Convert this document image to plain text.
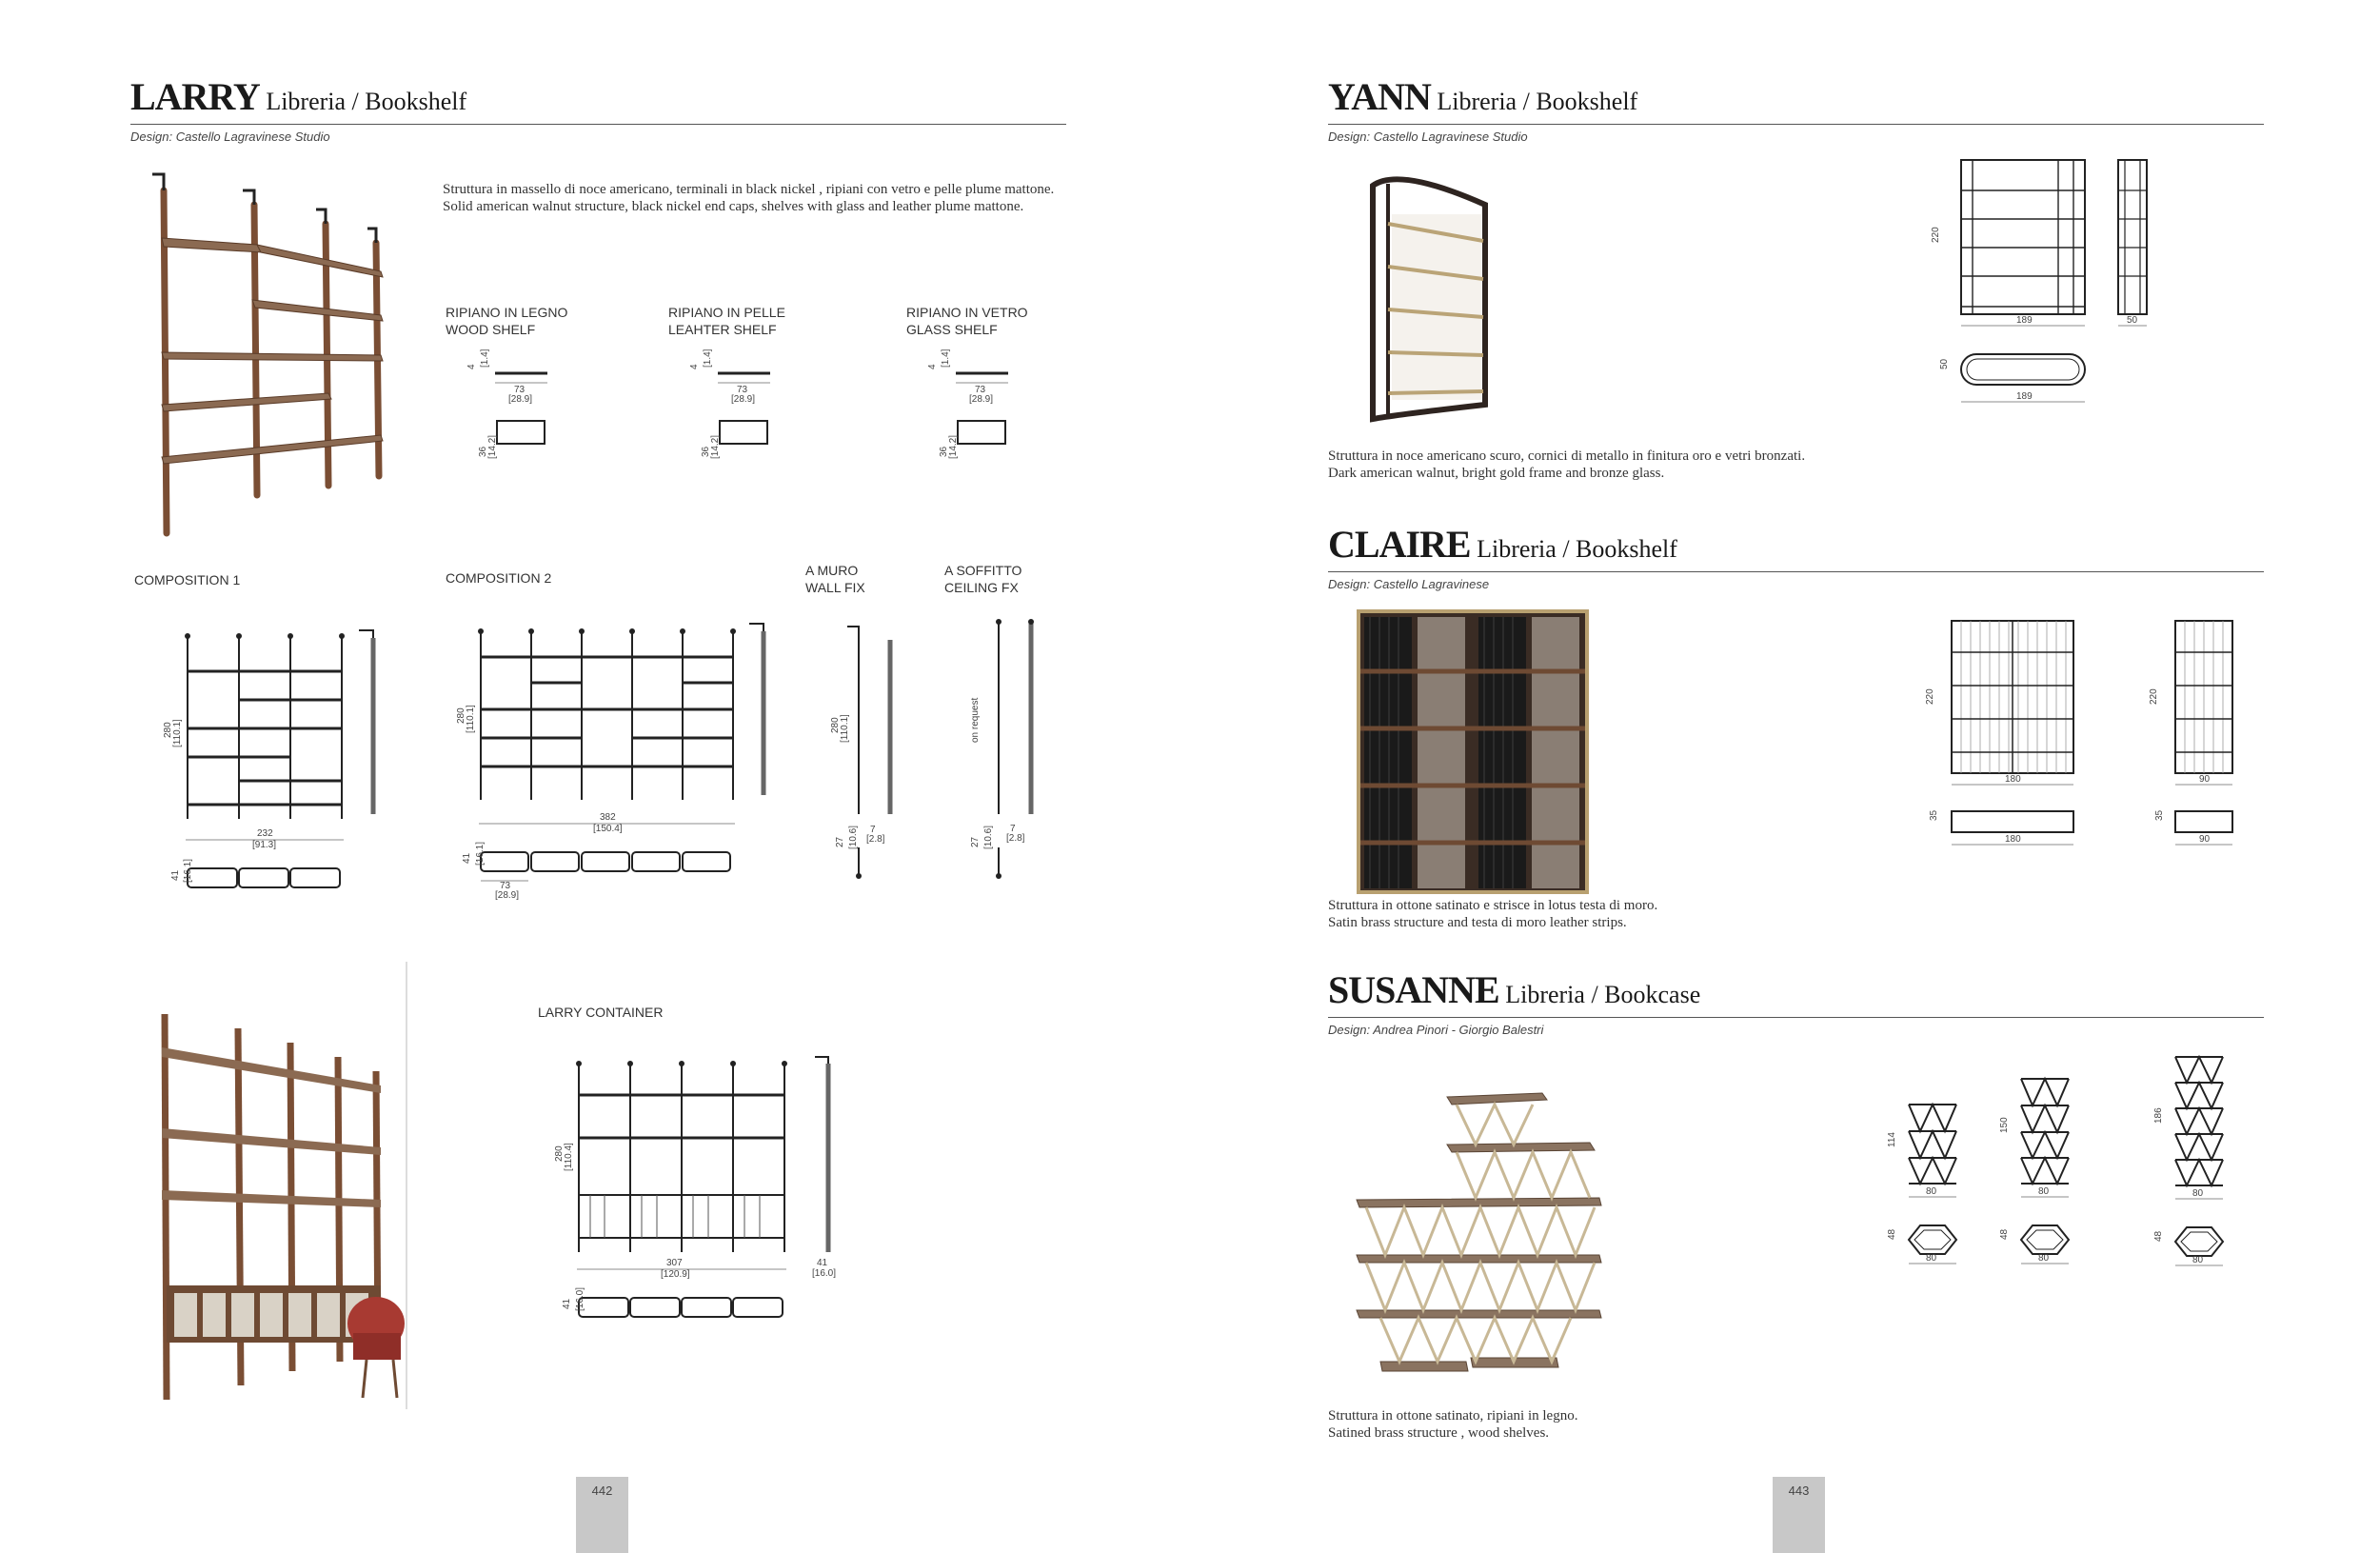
LARRY Libreria / Bookshelf
Design: Castello Lagravinese Studio
Struttura in massello di noce americano, terminali in black nickel , ripiani con vetro e pelle plume mattone.
Solid american walnut structure, black nickel end caps, shelves with glass and leather plume mattone.
RIPIANO IN LEGNO
WOOD SHELF
RIPIANO IN PELLE
LEAHTER SHELF
RIPIANO IN VETRO
GLASS SHELF
4 [1.4]
73
[28.9]
36 [14.2]
4 [1.4]
73
[28.9]
36 [14.2]
4 [1.4]
73
[28.9]
36 [14.2]
COMPOSITION 1	COMPOSITION 2	A MURO
WALL FIX
A SOFFITTO
CEILING FX
232
[91.3]
280 [110.1]
41 [16.1]
382
[150.4]
280 [110.1]
41 [16.1]
73
[28.9]
280 [110.1]
27 [10.6] 7
[2.8]
on request
27 [10.6] 7
[2.8]
LARRY CONTAINER
307
[120.9]
280 [110.4]
41
[16.0]
41 [16.0]
442
YANN Libreria / Bookshelf
Design: Castello Lagravinese Studio
220
189	50
50
189
Struttura in noce americano scuro, cornici di metallo in finitura oro e vetri bronzati.
Dark american walnut, bright gold frame and bronze glass.
CLAIRE Libreria / Bookshelf
Design: Castello Lagravinese
220
180
35
180
220
90
35
90
Struttura in ottone satinato e strisce in lotus testa di moro.
Satin brass structure and testa di moro leather strips.
SUSANNE Libreria / Bookcase
Design: Andrea Pinori - Giorgio Balestri
114
80
48
80
150
80
48
80
186
80
48
80
Struttura in ottone satinato, ripiani in legno.
Satined brass structure , wood shelves.
443
